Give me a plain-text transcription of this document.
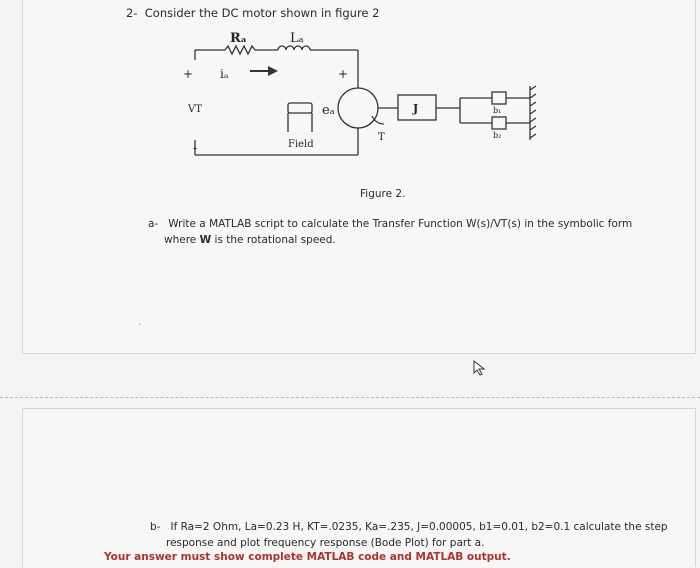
2- Consider the DC motor shown in figure 2
Rₐ	Lₐ
iₐ
+	+
-
VT	eₐ
Field
T
J	b₁
b₂
Figure 2.
a- Write a MATLAB script to calculate the Transfer Function W(s)/VT(s) in the symbolic form
where W is the rotational speed.
·
b- If Ra=2 Ohm, La=0.23 H, KT=.0235, Ka=.235, J=0.00005, b1=0.01, b2=0.1 calculate the step
response and plot frequency response (Bode Plot) for part a.
Your answer must show complete MATLAB code and MATLAB output.
